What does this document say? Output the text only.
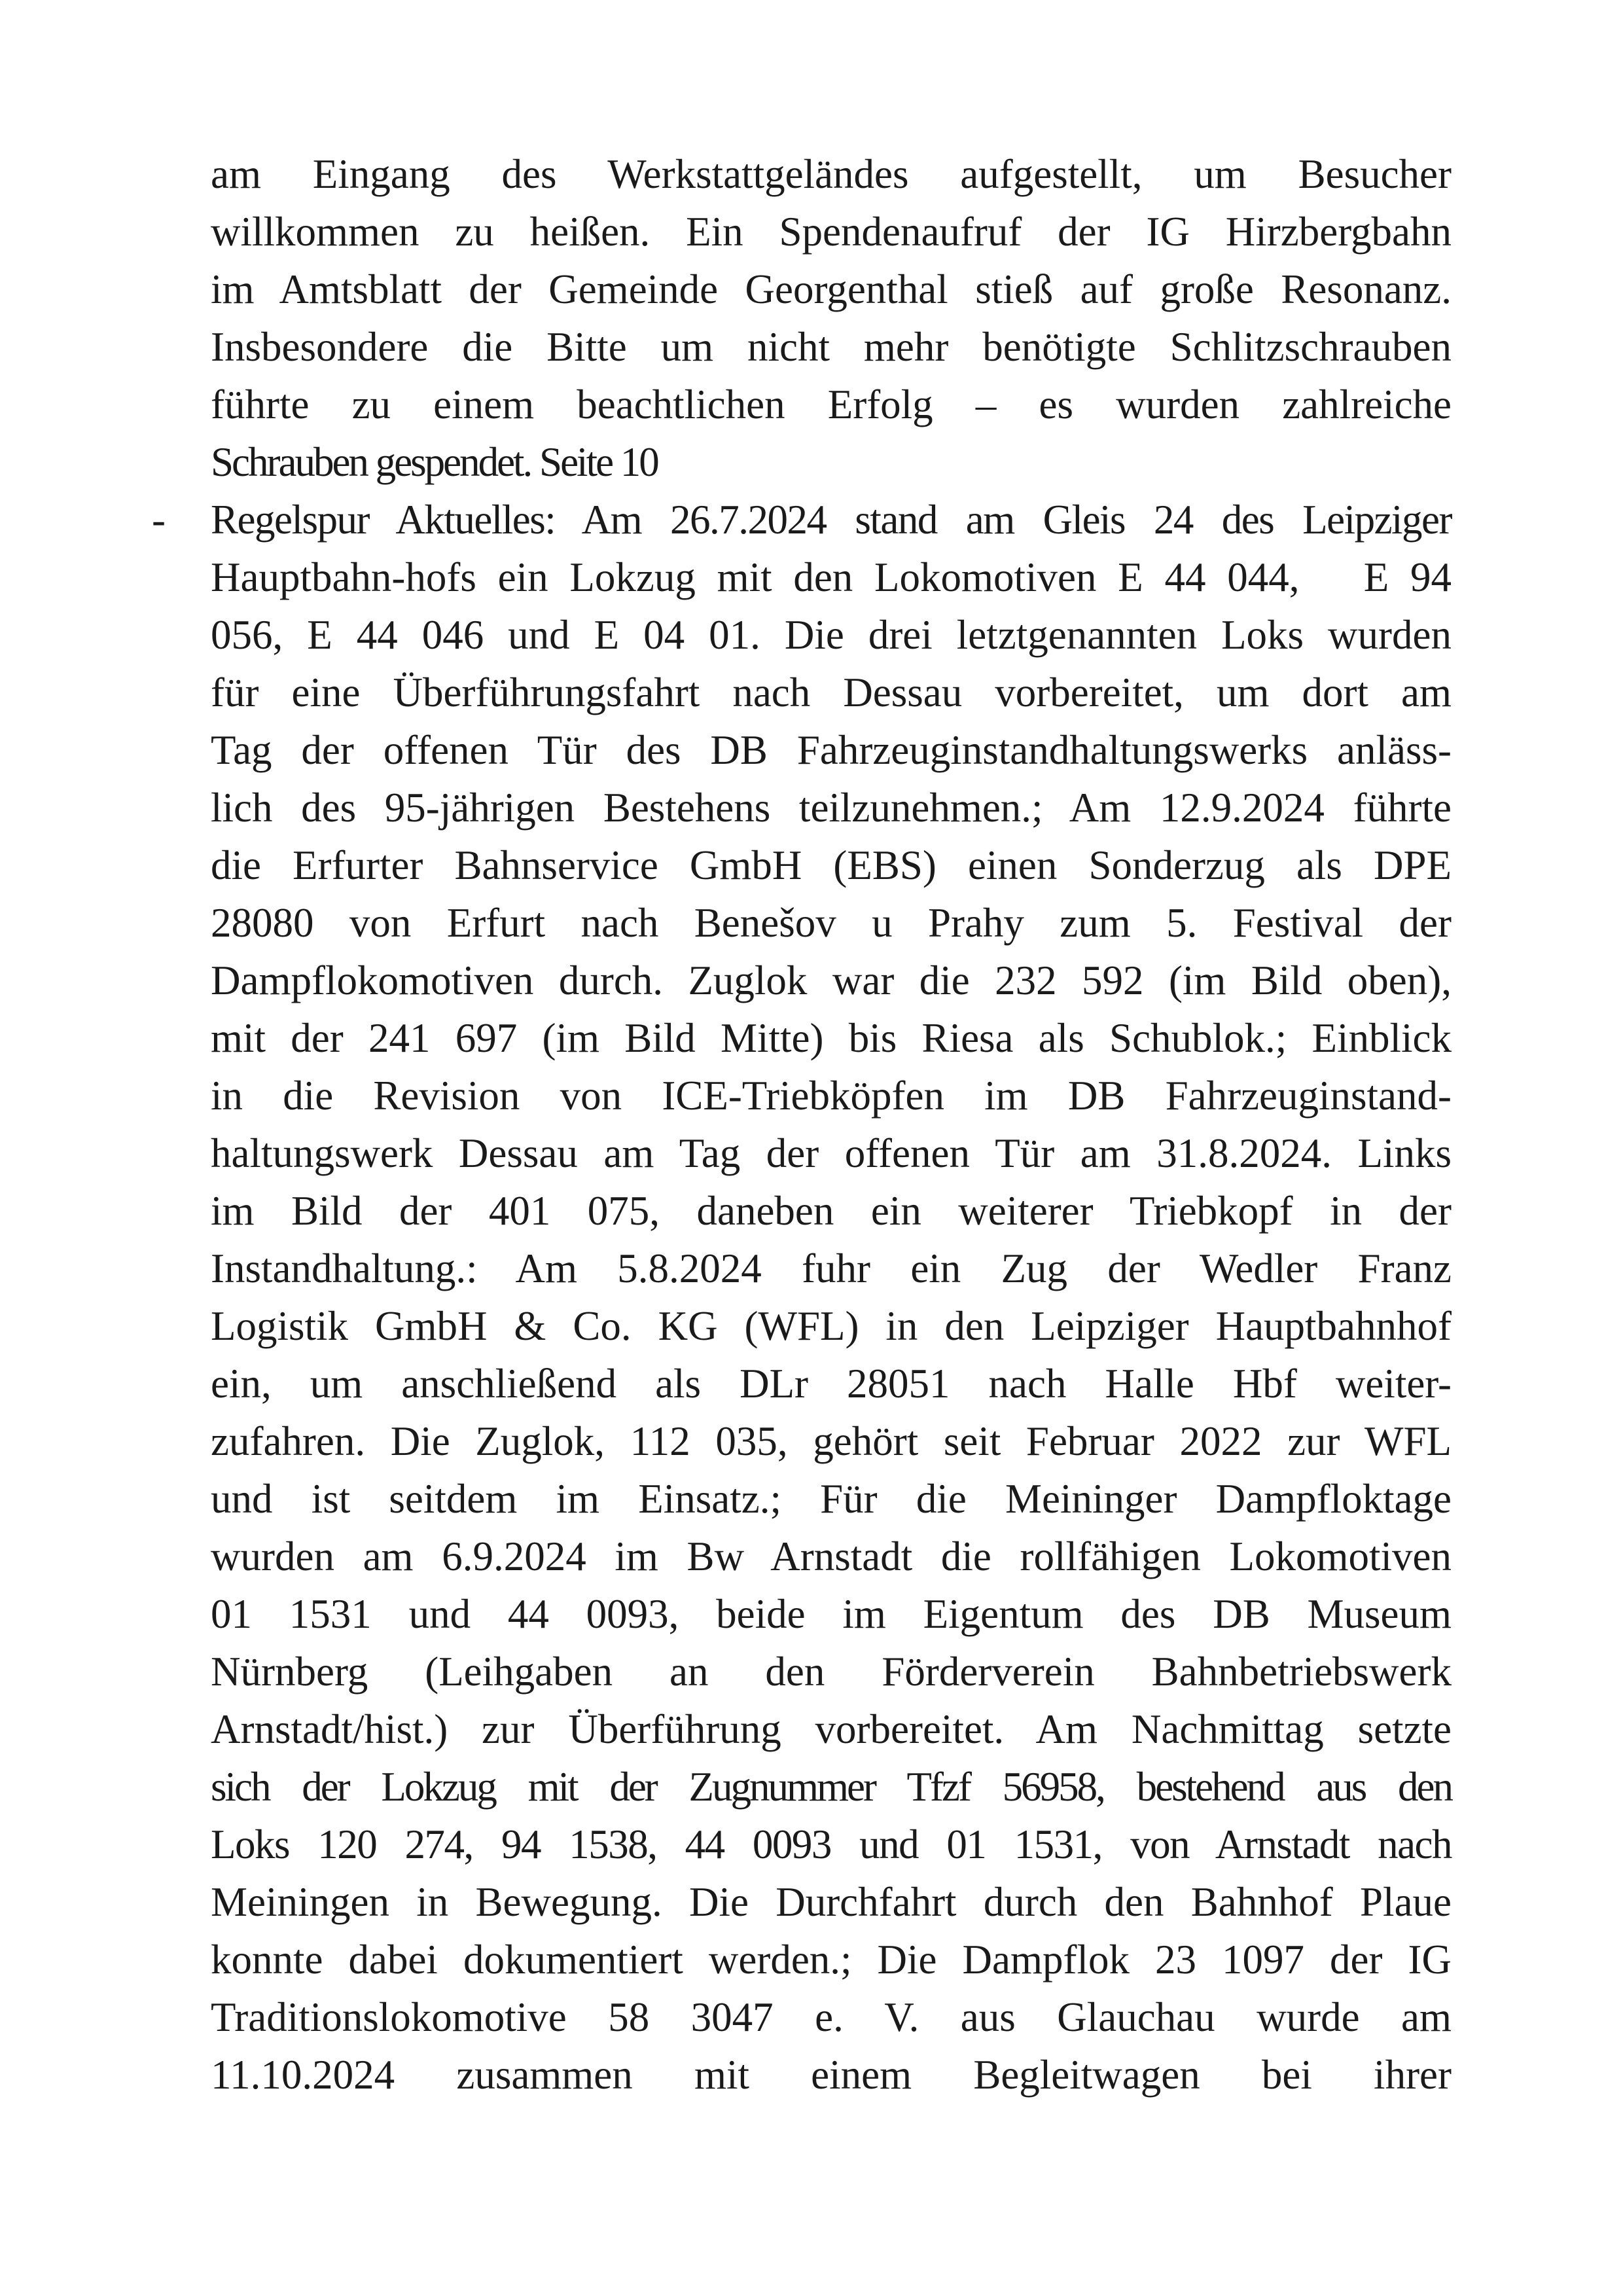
-
am Eingang des Werkstattgeländes aufgestellt, um Besucher
willkommen zu heißen. Ein Spendenaufruf der IG Hirzbergbahn
im Amtsblatt der Gemeinde Georgenthal stieß auf große Resonanz.
Insbesondere die Bitte um nicht mehr benötigte Schlitzschrauben
führte zu einem beachtlichen Erfolg – es wurden zahlreiche
Schrauben gespendet. Seite 10
Regelspur Aktuelles: Am 26.7.2024 stand am Gleis 24 des Leipziger
Hauptbahn-hofs ein Lokzug mit den Lokomotiven E 44 044,   E 94
056, E 44 046 und E 04 01. Die drei letztgenannten Loks wurden
für eine Überführungsfahrt nach Dessau vorbereitet, um dort am
Tag der offenen Tür des DB Fahrzeuginstandhaltungswerks anläss-
lich des 95-jährigen Bestehens teilzunehmen.; Am 12.9.2024 führte
die Erfurter Bahnservice GmbH (EBS) einen Sonderzug als DPE
28080 von Erfurt nach Benešov u Prahy zum 5. Festival der
Dampflokomotiven durch. Zuglok war die 232 592 (im Bild oben),
mit der 241 697 (im Bild Mitte) bis Riesa als Schublok.; Einblick
in die Revision von ICE-Triebköpfen im DB Fahrzeuginstand-
haltungswerk Dessau am Tag der offenen Tür am 31.8.2024. Links
im Bild der 401 075, daneben ein weiterer Triebkopf in der
Instandhaltung.: Am 5.8.2024 fuhr ein Zug der Wedler Franz
Logistik GmbH & Co. KG (WFL) in den Leipziger Hauptbahnhof
ein, um anschließend als DLr 28051 nach Halle Hbf weiter-
zufahren. Die Zuglok, 112 035, gehört seit Februar 2022 zur WFL
und ist seitdem im Einsatz.; Für die Meininger Dampfloktage
wurden am 6.9.2024 im Bw Arnstadt die rollfähigen Lokomotiven
01 1531 und 44 0093, beide im Eigentum des DB Museum
Nürnberg (Leihgaben an den Förderverein Bahnbetriebswerk
Arnstadt/hist.) zur Überführung vorbereitet. Am Nachmittag setzte
sich der Lokzug mit der Zugnummer Tfzf 56958, bestehend aus den
Loks 120 274, 94 1538, 44 0093 und 01 1531, von Arnstadt nach
Meiningen in Bewegung. Die Durchfahrt durch den Bahnhof Plaue
konnte dabei dokumentiert werden.; Die Dampflok 23 1097 der IG
Traditionslokomotive 58 3047 e. V. aus Glauchau wurde am
11.10.2024 zusammen mit einem Begleitwagen bei ihrer
